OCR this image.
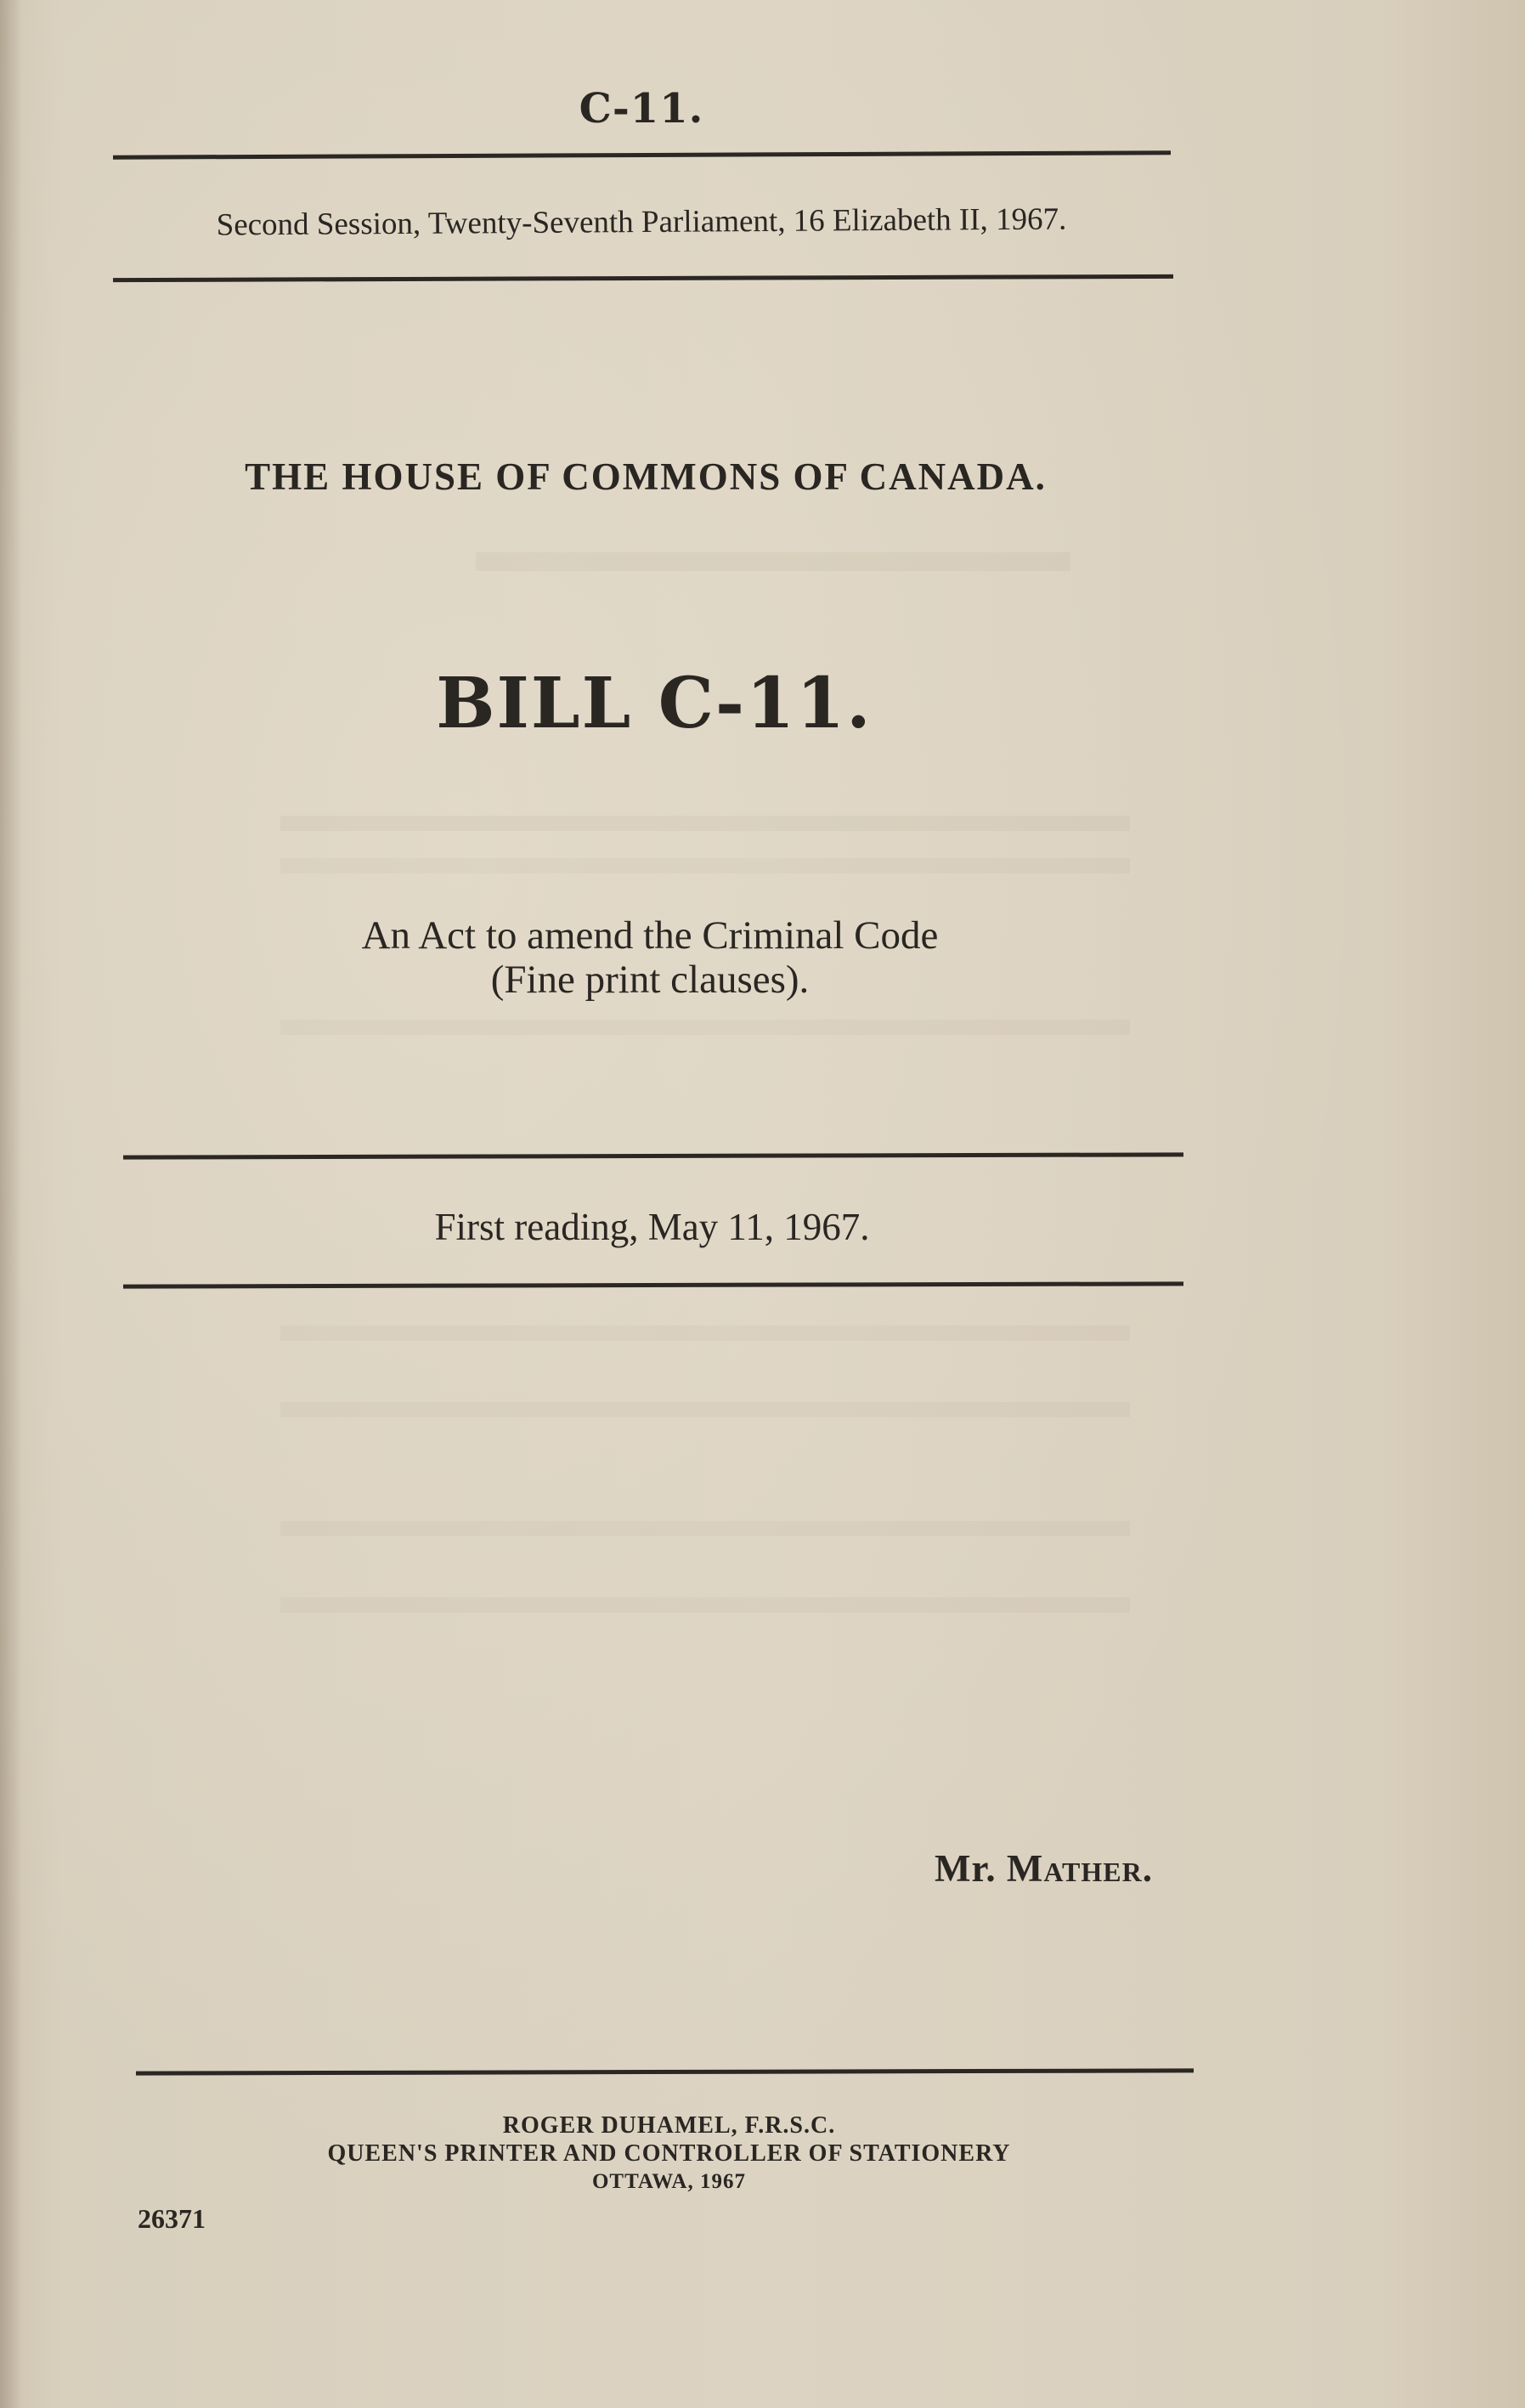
C-11.
Second Session, Twenty-Seventh Parliament, 16 Elizabeth II, 1967.
THE HOUSE OF COMMONS OF CANADA.
BILL C-11.
An Act to amend the Criminal Code
(Fine print clauses).
First reading, May 11, 1967.
Mr. Mather.
ROGER DUHAMEL, F.R.S.C.
QUEEN'S PRINTER AND CONTROLLER OF STATIONERY
OTTAWA, 1967
26371
